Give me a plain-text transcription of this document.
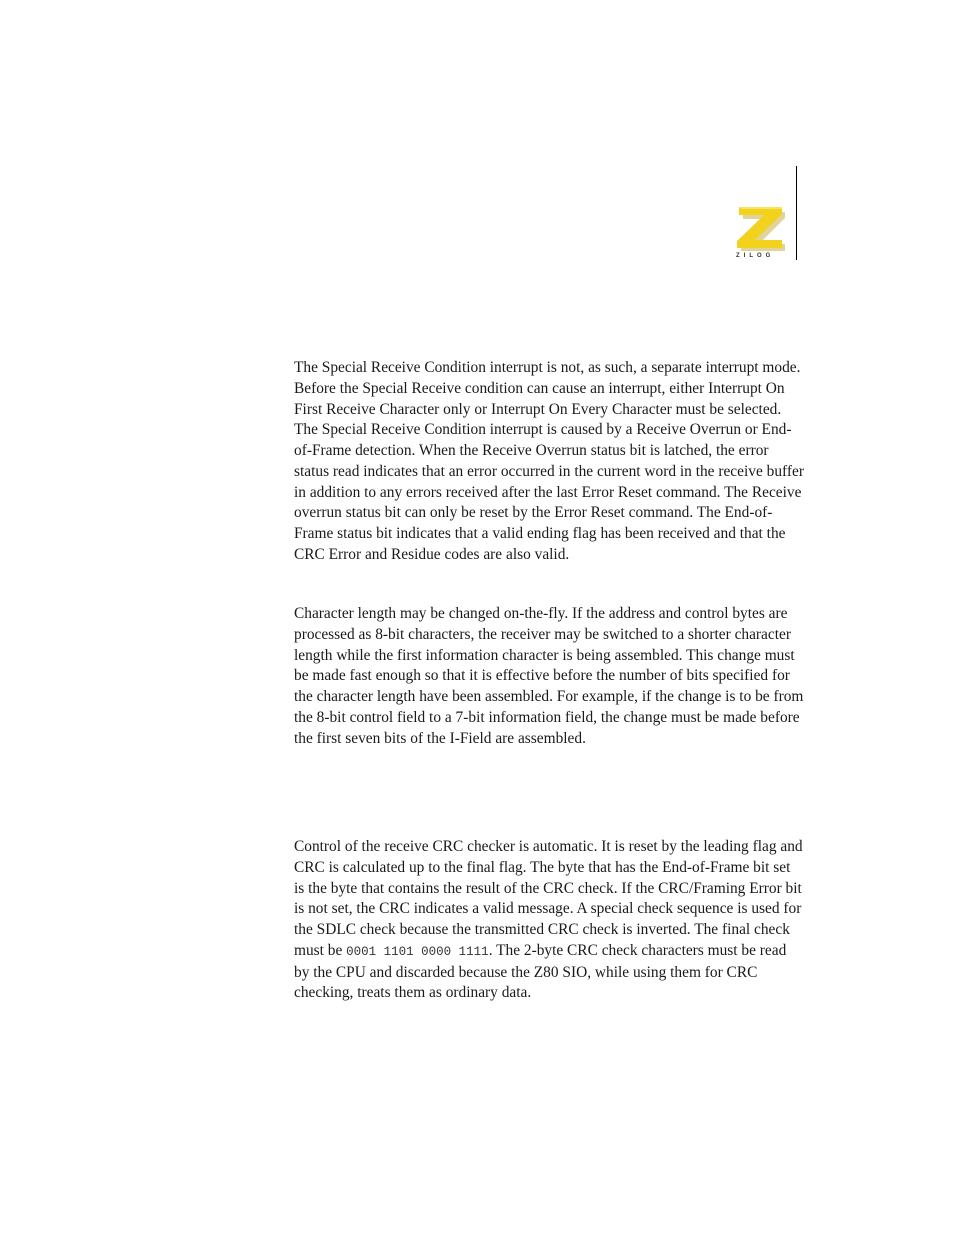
ZILOG

The Special Receive Condition interrupt is not, as such, a separate interrupt mode. Before the Special Receive condition can cause an interrupt, either Interrupt On First Receive Character only or Interrupt On Every Character must be selected. The Special Receive Condition interrupt is caused by a Receive Overrun or End-of-Frame detection. When the Receive Overrun status bit is latched, the error status read indicates that an error occurred in the current word in the receive buffer in addition to any errors received after the last Error Reset command. The Receive overrun status bit can only be reset by the Error Reset command. The End-of-Frame status bit indicates that a valid ending flag has been received and that the CRC Error and Residue codes are also valid.

Character length may be changed on-the-fly. If the address and control bytes are processed as 8-bit characters, the receiver may be switched to a shorter character length while the first information character is being assembled. This change must be made fast enough so that it is effective before the number of bits specified for the character length have been assembled. For example, if the change is to be from the 8-bit control field to a 7-bit information field, the change must be made before the first seven bits of the I-Field are assembled.

Control of the receive CRC checker is automatic. It is reset by the leading flag and CRC is calculated up to the final flag. The byte that has the End-of-Frame bit set is the byte that contains the result of the CRC check. If the CRC/Framing Error bit is not set, the CRC indicates a valid message. A special check sequence is used for the SDLC check because the transmitted CRC check is inverted. The final check must be 0001 1101 0000 1111. The 2-byte CRC check characters must be read by the CPU and discarded because the Z80 SIO, while using them for CRC checking, treats them as ordinary data.
